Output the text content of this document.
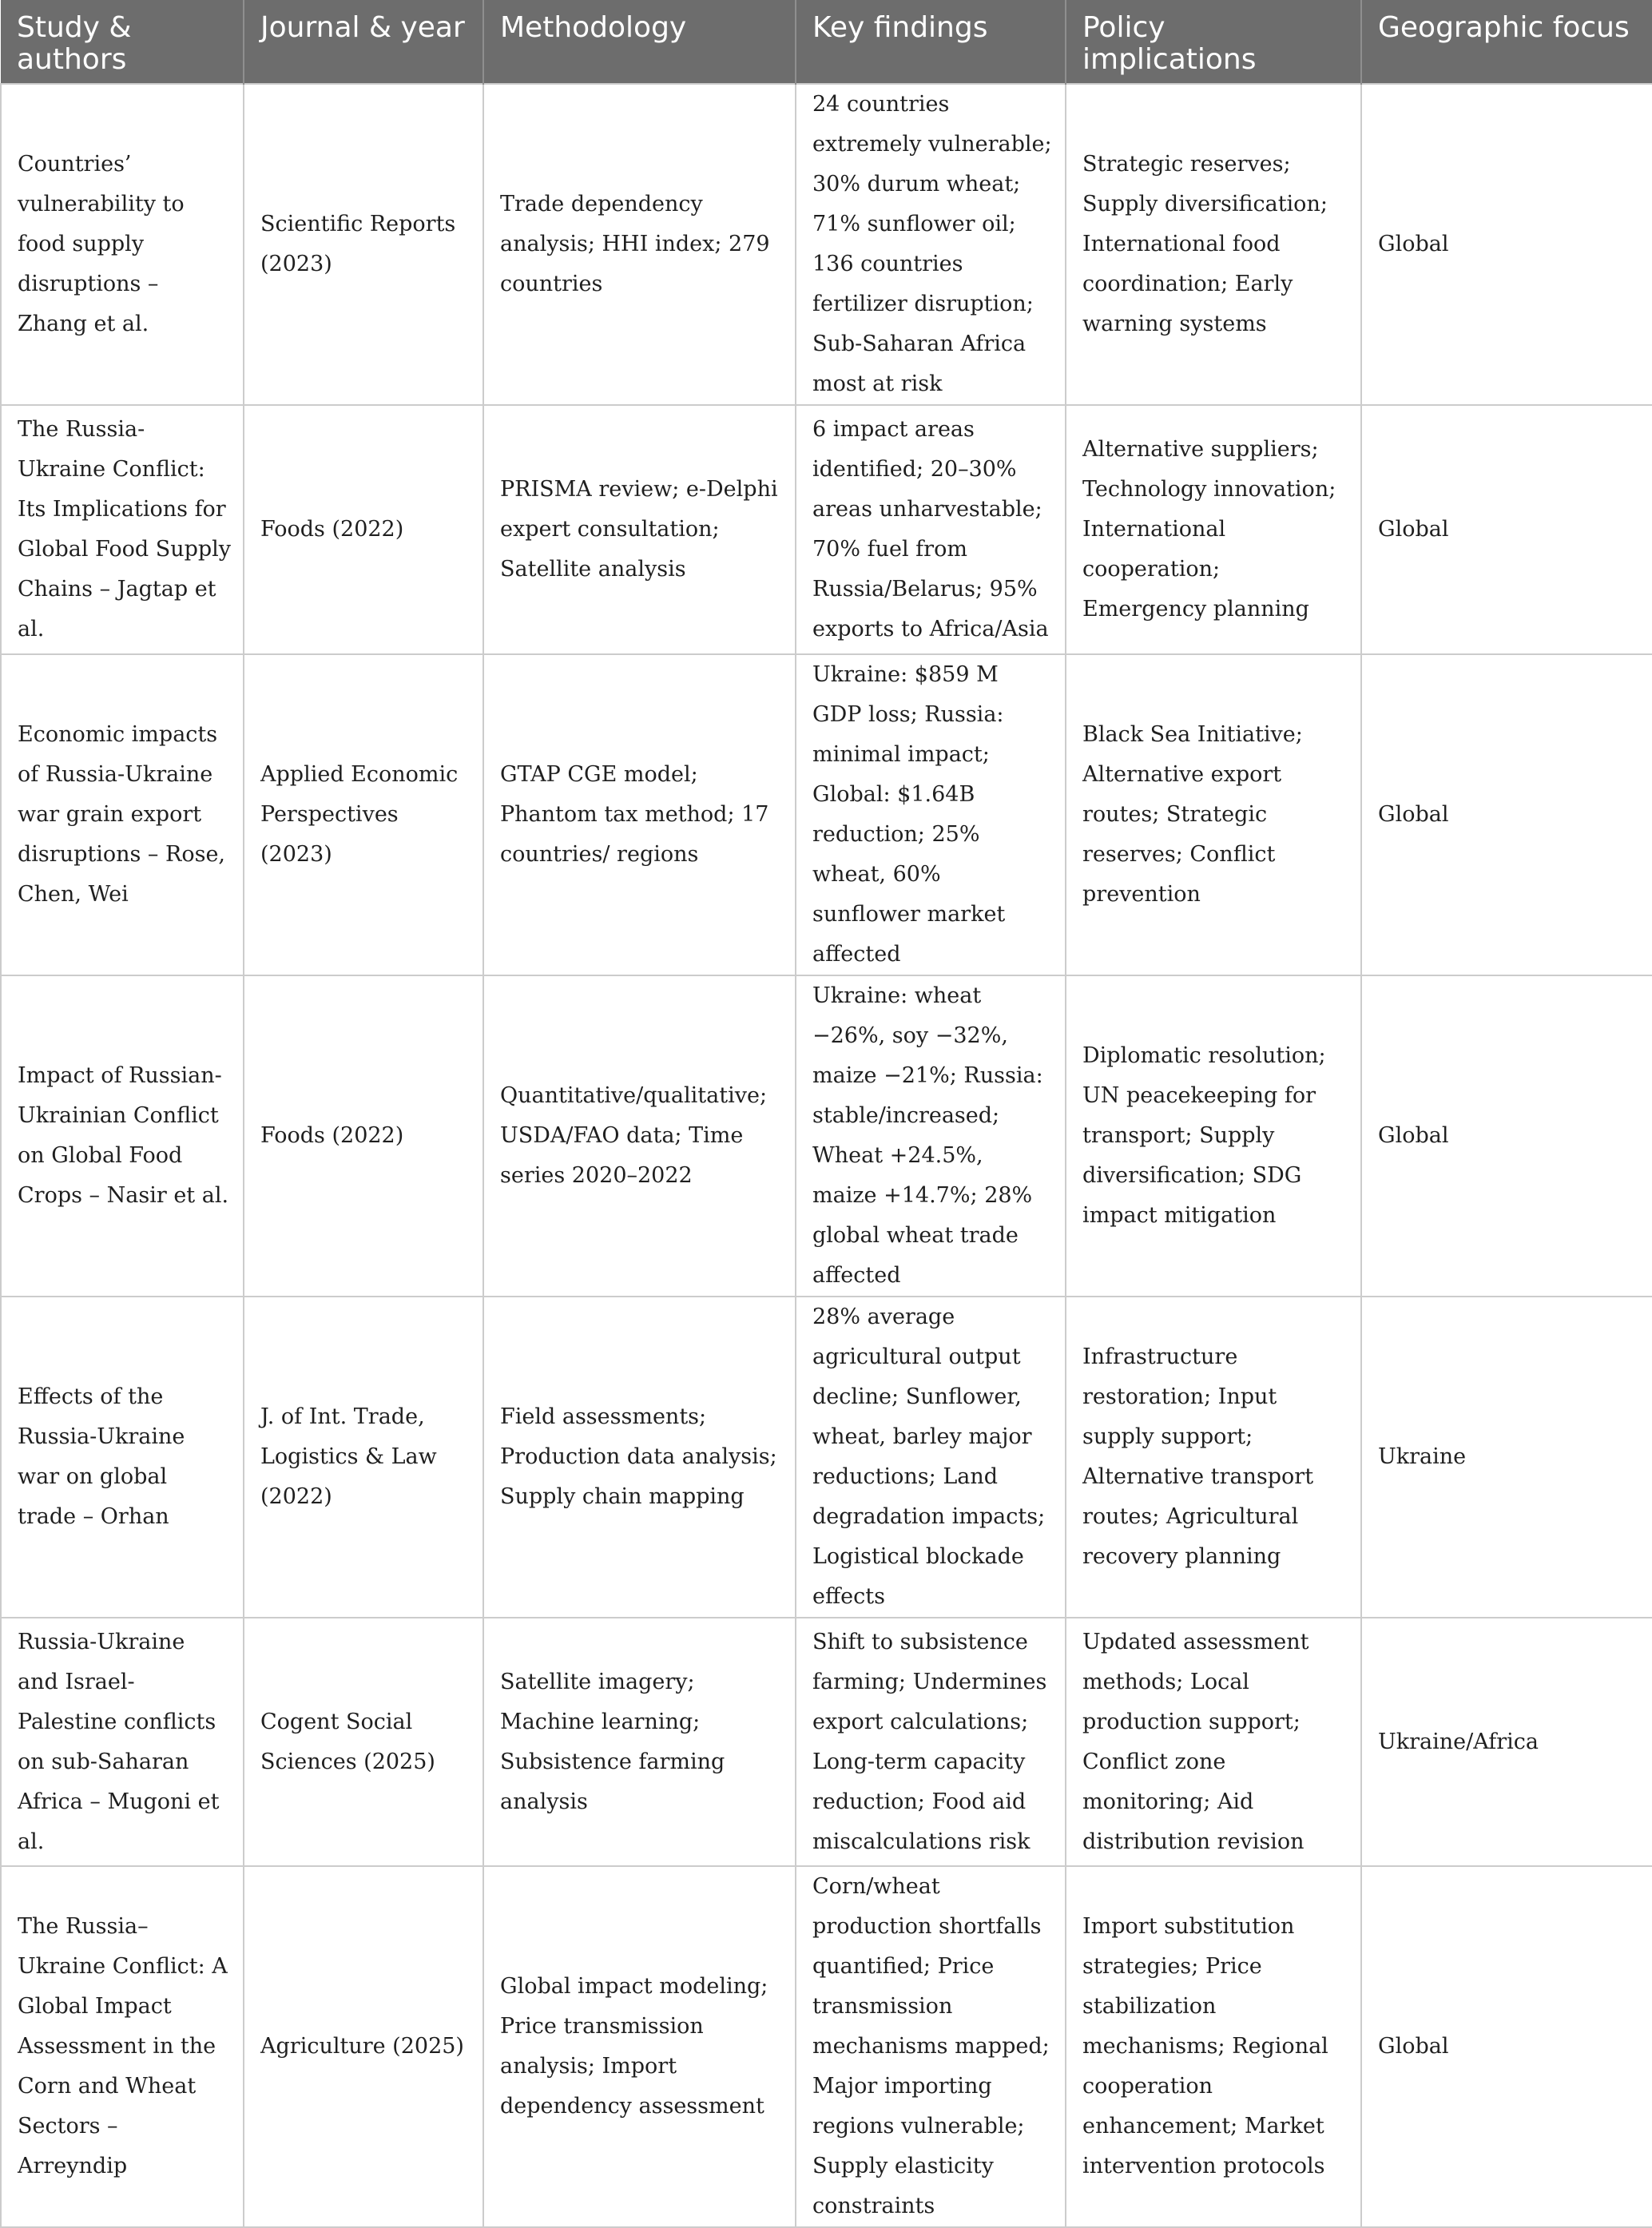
Study & authors	Journal & year	Methodology	Key findings	Policy implications	Geographic focus
Countries’ vulnerability to food supply disruptions – Zhang et al.	Scientific Reports (2023)	Trade dependency analysis; HHI index; 279 countries	24 countries extremely vulnerable; 30% durum wheat; 71% sunflower oil; 136 countries fertilizer disruption; Sub-Saharan Africa most at risk	Strategic reserves; Supply diversification; International food coordination; Early warning systems	Global
The Russia-Ukraine Conflict: Its Implications for Global Food Supply Chains – Jagtap et al.	Foods (2022)	PRISMA review; e-Delphi expert consultation; Satellite analysis	6 impact areas identified; 20–30% areas unharvestable; 70% fuel from Russia/Belarus; 95% exports to Africa/Asia	Alternative suppliers; Technology innovation; International cooperation; Emergency planning	Global
Economic impacts of Russia-Ukraine war grain export disruptions – Rose, Chen, Wei	Applied Economic Perspectives (2023)	GTAP CGE model; Phantom tax method; 17 countries/ regions	Ukraine: $859 M GDP loss; Russia: minimal impact; Global: $1.64B reduction; 25% wheat, 60% sunflower market affected	Black Sea Initiative; Alternative export routes; Strategic reserves; Conflict prevention	Global
Impact of Russian-Ukrainian Conflict on Global Food Crops – Nasir et al.	Foods (2022)	Quantitative/qualitative; USDA/FAO data; Time series 2020–2022	Ukraine: wheat −26%, soy −32%, maize −21%; Russia: stable/increased; Wheat +24.5%, maize +14.7%; 28% global wheat trade affected	Diplomatic resolution; UN peacekeeping for transport; Supply diversification; SDG impact mitigation	Global
Effects of the Russia-Ukraine war on global trade – Orhan	J. of Int. Trade, Logistics & Law (2022)	Field assessments; Production data analysis; Supply chain mapping	28% average agricultural output decline; Sunflower, wheat, barley major reductions; Land degradation impacts; Logistical blockade effects	Infrastructure restoration; Input supply support; Alternative transport routes; Agricultural recovery planning	Ukraine
Russia-Ukraine and Israel-Palestine conflicts on sub-Saharan Africa – Mugoni et al.	Cogent Social Sciences (2025)	Satellite imagery; Machine learning; Subsistence farming analysis	Shift to subsistence farming; Undermines export calculations; Long-term capacity reduction; Food aid miscalculations risk	Updated assessment methods; Local production support; Conflict zone monitoring; Aid distribution revision	Ukraine/Africa
The Russia–Ukraine Conflict: A Global Impact Assessment in the Corn and Wheat Sectors – Arreyndip	Agriculture (2025)	Global impact modeling; Price transmission analysis; Import dependency assessment	Corn/wheat production shortfalls quantified; Price transmission mechanisms mapped; Major importing regions vulnerable; Supply elasticity constraints	Import substitution strategies; Price stabilization mechanisms; Regional cooperation enhancement; Market intervention protocols	Global
